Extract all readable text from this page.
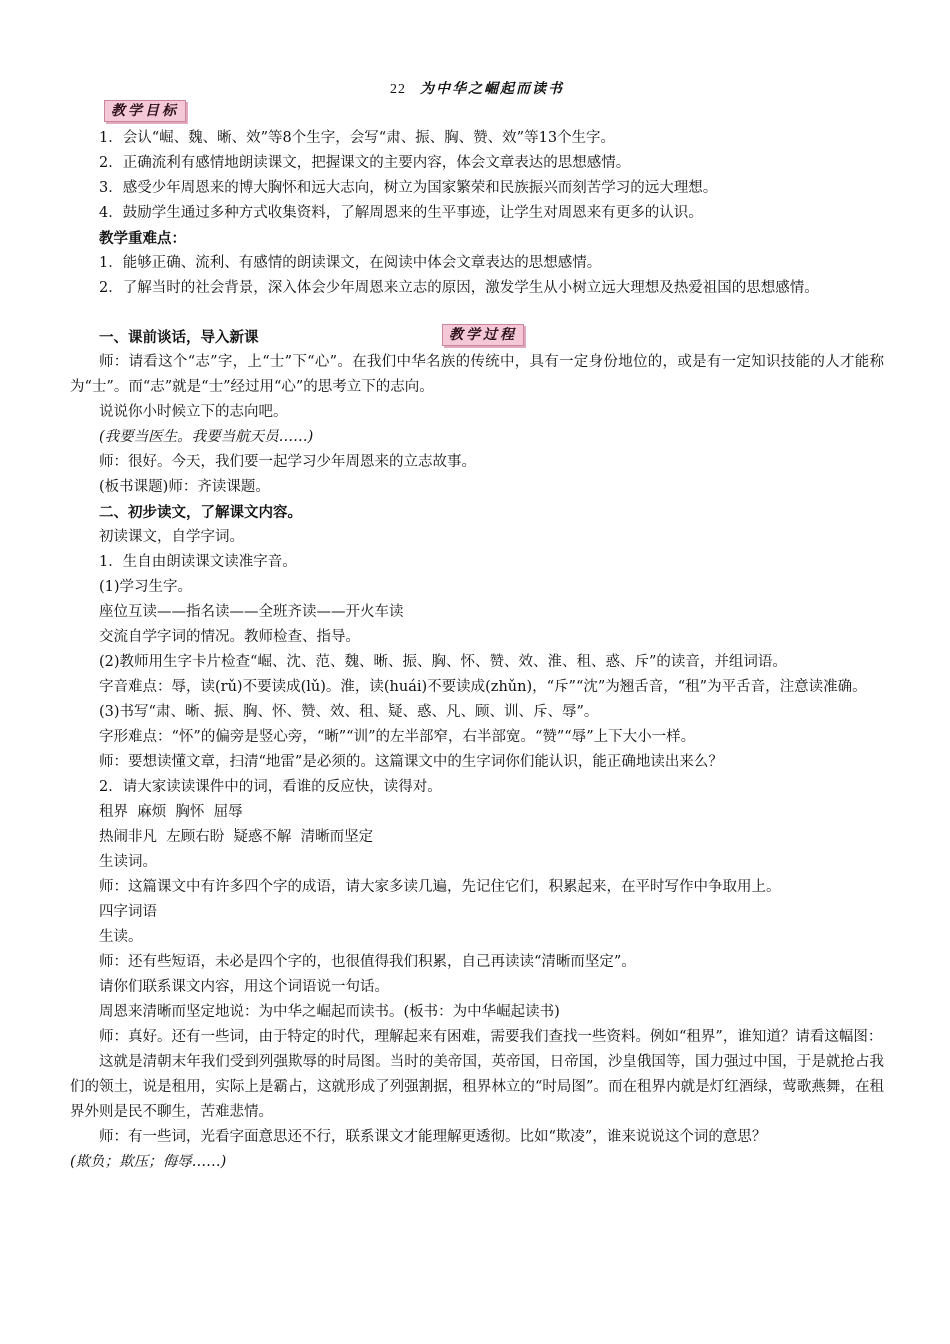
22 为中华之崛起而读书
教学目标
教学过程

1．会认“崛、魏、晰、效”等8个生字，会写“肃、振、胸、赞、效”等13个生字。

2．正确流利有感情地朗读课文，把握课文的主要内容，体会文章表达的思想感情。

3．感受少年周恩来的博大胸怀和远大志向，树立为国家繁荣和民族振兴而刻苦学习的远大理想。

4．鼓励学生通过多种方式收集资料，了解周恩来的生平事迹，让学生对周恩来有更多的认识。

教学重难点：

1．能够正确、流利、有感情的朗读课文，在阅读中体会文章表达的思想感情。

2．了解当时的社会背景，深入体会少年周恩来立志的原因，激发学生从小树立远大理想及热爱祖国的思想感情。

一、课前谈话，导入新课

师：请看这个“志”字，上“士”下“心”。在我们中华名族的传统中，具有一定身份地位的，或是有一定知识技能的人才能称为“士”。而“志”就是“士”经过用“心”的思考立下的志向。

说说你小时候立下的志向吧。

(我要当医生。我要当航天员……)

师：很好。今天，我们要一起学习少年周恩来的立志故事。

(板书课题)师：齐读课题。

二、初步读文，了解课文内容。

初读课文，自学字词。

1．生自由朗读课文读准字音。

(1)学习生字。

座位互读——指名读——全班齐读——开火车读

交流自学字词的情况。教师检查、指导。

(2)教师用生字卡片检查“崛、沈、范、魏、晰、振、胸、怀、赞、效、淮、租、惑、斥”的读音，并组词语。

字音难点：辱，读(rǔ)不要读成(lǔ)。淮，读(huái)不要读成(zhǔn)，“斥”“沈”为翘舌音，“租”为平舌音，注意读准确。

(3)书写“肃、晰、振、胸、怀、赞、效、租、疑、惑、凡、顾、训、斥、辱”。

字形难点：“怀”的偏旁是竖心旁，“晰”“训”的左半部窄，右半部宽。“赞”“辱”上下大小一样。

师：要想读懂文章，扫清“地雷”是必须的。这篇课文中的生字词你们能认识，能正确地读出来么？

2．请大家读读课件中的词，看谁的反应快，读得对。

租界  麻烦  胸怀  屈辱

热闹非凡  左顾右盼  疑惑不解  清晰而坚定

生读词。

师：这篇课文中有许多四个字的成语，请大家多读几遍，先记住它们，积累起来，在平时写作中争取用上。

四字词语

生读。

师：还有些短语，未必是四个字的，也很值得我们积累，自己再读读“清晰而坚定”。

请你们联系课文内容，用这个词语说一句话。

周恩来清晰而坚定地说：为中华之崛起而读书。(板书：为中华崛起读书)

师：真好。还有一些词，由于特定的时代，理解起来有困难，需要我们查找一些资料。例如“租界”，谁知道？请看这幅图：

这就是清朝末年我们受到列强欺辱的时局图。当时的美帝国，英帝国，日帝国，沙皇俄国等，国力强过中国，于是就抢占我们的领土，说是租用，实际上是霸占，这就形成了列强割据，租界林立的“时局图”。而在租界内就是灯红酒绿，莺歌燕舞，在租界外则是民不聊生，苦难悲情。

师：有一些词，光看字面意思还不行，联系课文才能理解更透彻。比如“欺凌”，谁来说说这个词的意思？

(欺负；欺压；侮辱……)
